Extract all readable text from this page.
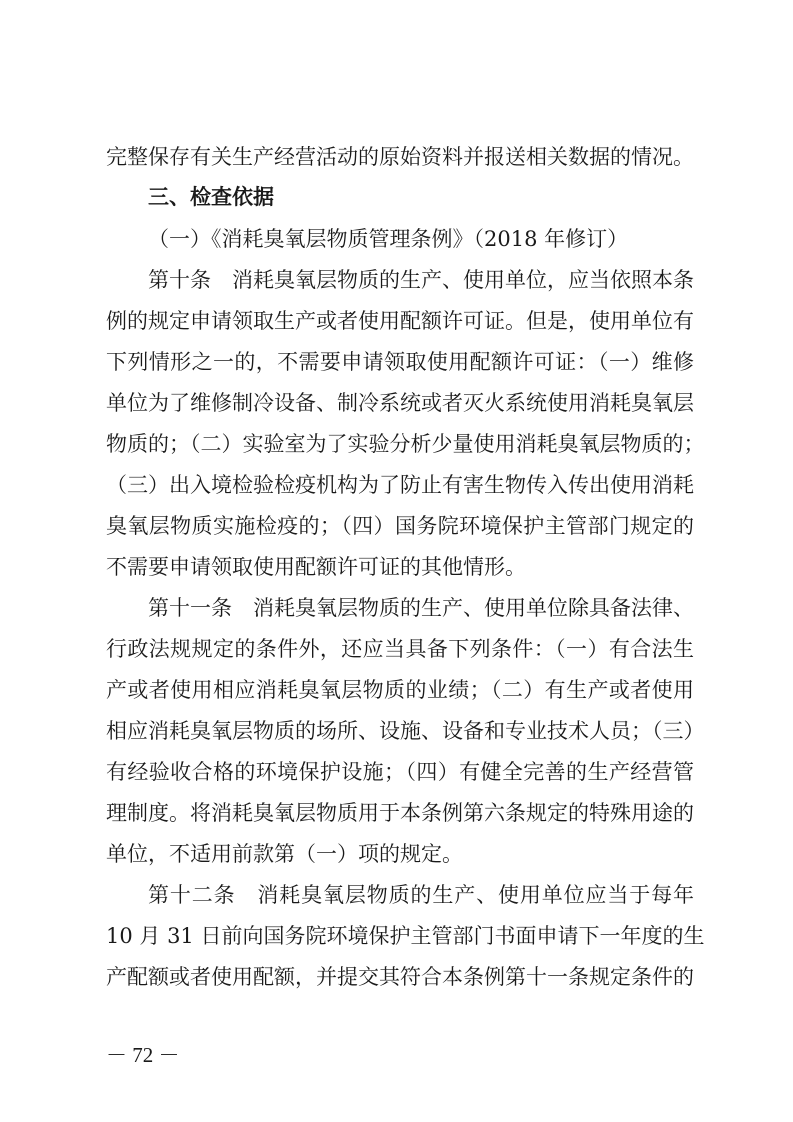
完整保存有关生产经营活动的原始资料并报送相关数据的情况。
三、检查依据
（一）《消耗臭氧层物质管理条例》（2018 年修订）
第十条　消耗臭氧层物质的生产、使用单位，应当依照本条
例的规定申请领取生产或者使用配额许可证。但是，使用单位有
下列情形之一的，不需要申请领取使用配额许可证：（一）维修
单位为了维修制冷设备、制冷系统或者灭火系统使用消耗臭氧层
物质的；（二）实验室为了实验分析少量使用消耗臭氧层物质的；
（三）出入境检验检疫机构为了防止有害生物传入传出使用消耗
臭氧层物质实施检疫的；（四）国务院环境保护主管部门规定的
不需要申请领取使用配额许可证的其他情形。
第十一条　消耗臭氧层物质的生产、使用单位除具备法律、
行政法规规定的条件外，还应当具备下列条件：（一）有合法生
产或者使用相应消耗臭氧层物质的业绩；（二）有生产或者使用
相应消耗臭氧层物质的场所、设施、设备和专业技术人员；（三）
有经验收合格的环境保护设施；（四）有健全完善的生产经营管
理制度。将消耗臭氧层物质用于本条例第六条规定的特殊用途的
单位，不适用前款第（一）项的规定。
第十二条　消耗臭氧层物质的生产、使用单位应当于每年
10 月 31 日前向国务院环境保护主管部门书面申请下一年度的生
产配额或者使用配额，并提交其符合本条例第十一条规定条件的
－ 72 －
